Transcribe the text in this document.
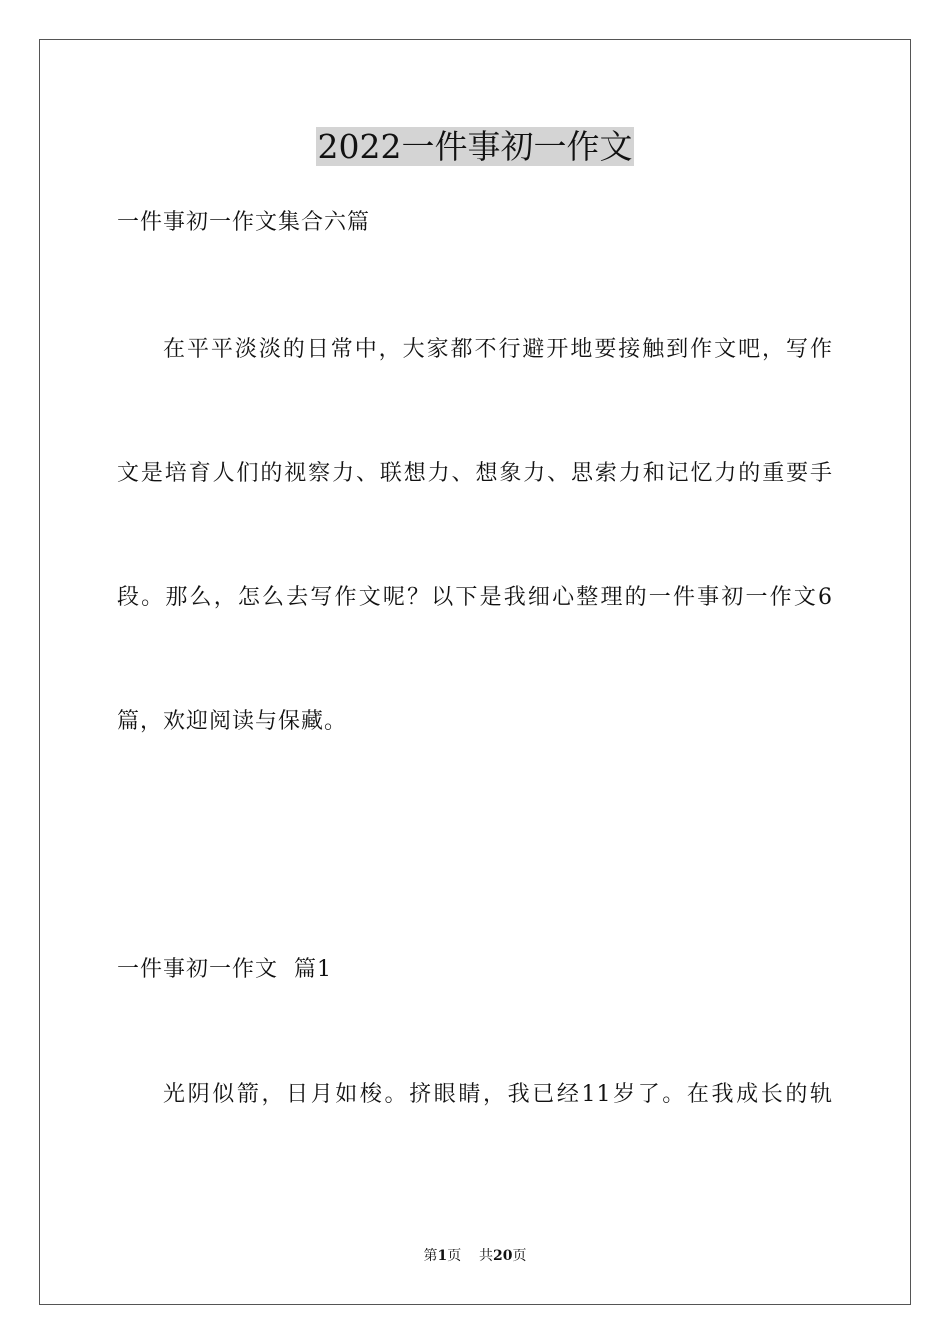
2022一件事初一作文
一件事初一作文集合六篇
在平平淡淡的日常中，大家都不行避开地要接触到作文吧，写作
文是培育人们的视察力、联想力、想象力、思索力和记忆力的重要手
段。那么，怎么去写作文呢？以下是我细心整理的一件事初一作文6
篇，欢迎阅读与保藏。
一件事初一作文  篇1
光阴似箭，日月如梭。挤眼睛，我已经11岁了。在我成长的轨
第1页    共20页
